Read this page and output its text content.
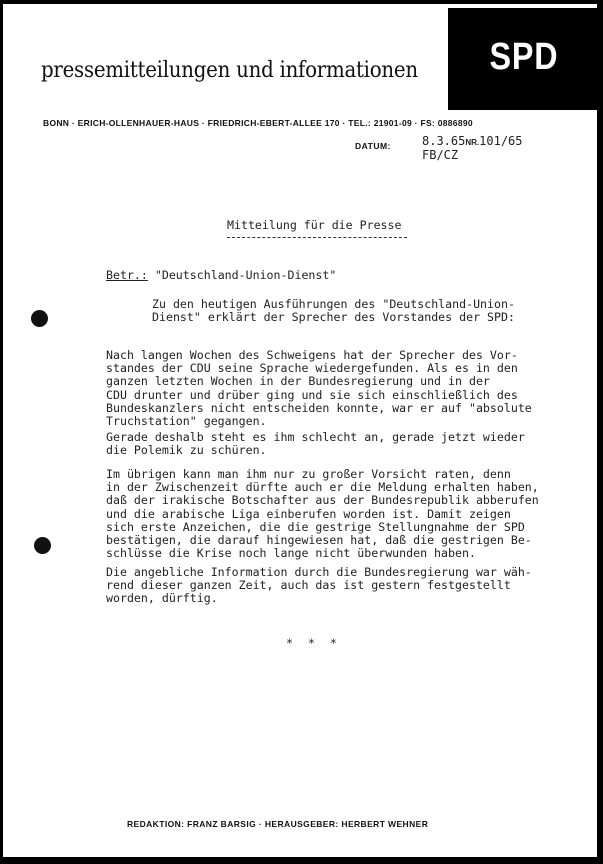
pressemitteilungen und informationen	SPD
BONN · ERICH-OLLENHAUER-HAUS · FRIEDRICH-EBERT-ALLEE 170 · TEL.: 21901-09 · FS: 0886890
DATUM:	8.3.65NR.101/65
FB/CZ
Mitteilung für die Presse
Betr.: "Deutschland-Union-Dienst"
Zu den heutigen Ausführungen des "Deutschland-Union-
Dienst" erklärt der Sprecher des Vorstandes der SPD:
Nach langen Wochen des Schweigens hat der Sprecher des Vor-
standes der CDU seine Sprache wiedergefunden. Als es in den
ganzen letzten Wochen in der Bundesregierung und in der
CDU drunter und drüber ging und sie sich einschließlich des
Bundeskanzlers nicht entscheiden konnte, war er auf "absolute
Truchstation" gegangen.
Gerade deshalb steht es ihm schlecht an, gerade jetzt wieder
die Polemik zu schüren.
Im übrigen kann man ihm nur zu großer Vorsicht raten, denn
in der Zwischenzeit dürfte auch er die Meldung erhalten haben,
daß der irakische Botschafter aus der Bundesrepublik abberufen
und die arabische Liga einberufen worden ist. Damit zeigen
sich erste Anzeichen, die die gestrige Stellungnahme der SPD
bestätigen, die darauf hingewiesen hat, daß die gestrigen Be-
schlüsse die Krise noch lange nicht überwunden haben.
Die angebliche Information durch die Bundesregierung war wäh-
rend dieser ganzen Zeit, auch das ist gestern festgestellt
worden, dürftig.
* * *
REDAKTION: FRANZ BARSIG · HERAUSGEBER: HERBERT WEHNER
